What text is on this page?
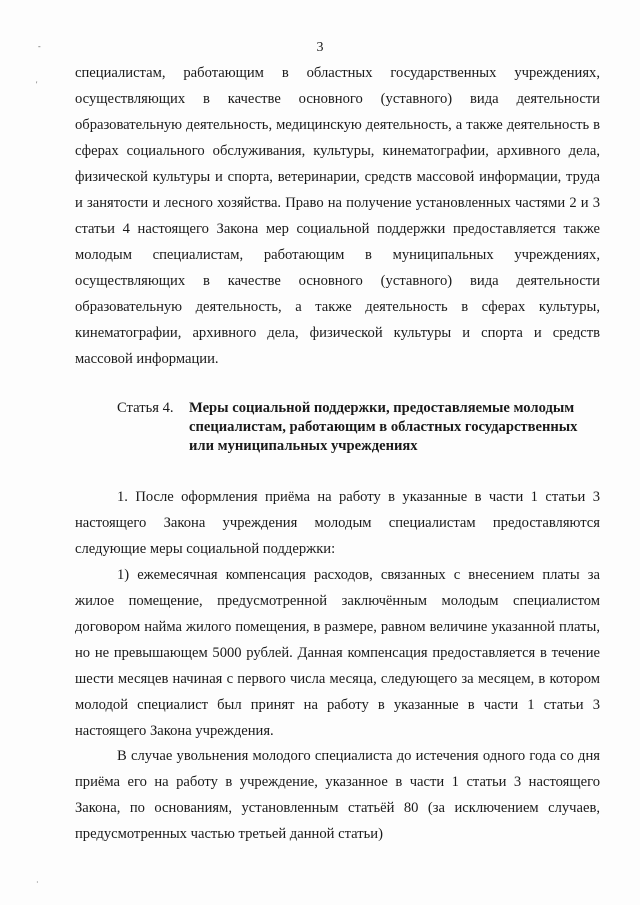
3
-
'
·

специалистам, работающим в областных государственных учреждениях, осуществляющих в качестве основного (уставного) вида деятельности образовательную деятельность, медицинскую деятельность, а также деятельность в сферах социального обслуживания, культуры, кинематографии, архивного дела, физической культуры и спорта, ветеринарии, средств массовой информации, труда и занятости и лесного хозяйства. Право на получение установленных частями 2 и 3 статьи 4 настоящего Закона мер социальной поддержки предоставляется также молодым специалистам, работающим в муниципальных учреждениях, осуществляющих в качестве основного (уставного) вида деятельности образовательную деятельность, а также деятельность в сферах культуры, кинематографии, архивного дела, физической культуры и спорта и средств массовой информации.

Статья 4.	Меры социальной поддержки, предоставляемые молодым специалистам, работающим в областных государственных или муниципальных учреждениях

1. После оформления приёма на работу в указанные в части 1 статьи 3 настоящего Закона учреждения молодым специалистам предоставляются следующие меры социальной поддержки:

1) ежемесячная компенсация расходов, связанных с внесением платы за жилое помещение, предусмотренной заключённым молодым специалистом договором найма жилого помещения, в размере, равном величине указанной платы, но не превышающем 5000 рублей. Данная компенсация предоставляется в течение шести месяцев начиная с первого числа месяца, следующего за месяцем, в котором молодой специалист был принят на работу в указанные в части 1 статьи 3 настоящего Закона учреждения.

В случае увольнения молодого специалиста до истечения одного года со дня приёма его на работу в учреждение, указанное в части 1 статьи 3 настоящего Закона, по основаниям, установленным статьёй 80 (за исключением случаев, предусмотренных частью третьей данной статьи)
